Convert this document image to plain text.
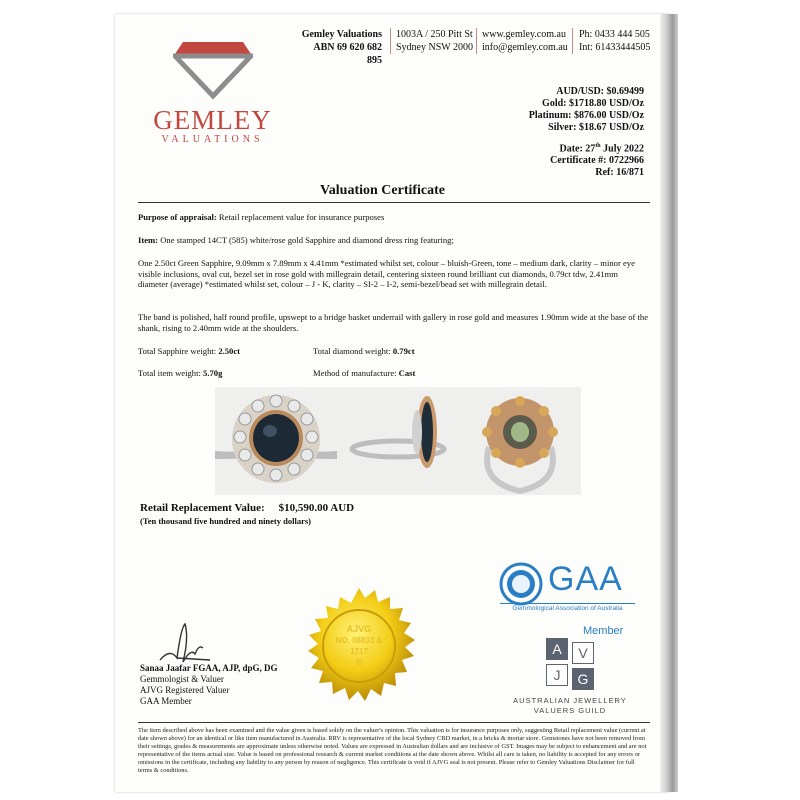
GEMLEY
VALUATIONS
Gemley Valuations
ABN 69 620 682 895
1003A / 250 Pitt St
Sydney NSW 2000
www.gemley.com.au
info@gemley.com.au
Ph: 0433 444 505
Int: 61433444505
AUD/USD: $0.69499
Gold: $1718.80 USD/Oz
Platinum: $876.00 USD/Oz
Silver: $18.67 USD/Oz
Date: 27th July 2022
Certificate #: 0722966
Ref: 16/871
Valuation Certificate
Purpose of appraisal: Retail replacement value for insurance purposes
Item: One stamped 14CT (585) white/rose gold Sapphire and diamond dress ring featuring;
One 2.50ct Green Sapphire, 9.09mm x 7.89mm x 4.41mm *estimated whilst set, colour – bluish-Green, tone – medium dark, clarity – minor eye visible inclusions, oval cut, bezel set in rose gold with millegrain detail, centering sixteen round brilliant cut diamonds, 0.79ct tdw, 2.41mm diameter (average) *estimated whilst set, colour – J - K, clarity – SI-2 – I-2, semi-bezel/bead set with millegrain detail.
The band is polished, half round profile, upswept to a bridge basket underrail with gallery in rose gold and measures 1.90mm wide at the base of the shank, rising to 2.40mm wide at the shoulders.
Total Sapphire weight: 2.50ct	Total diamond weight: 0.79ct
Total item weight: 5.70g	Method of manufacture: Cast
Retail Replacement Value: $10,590.00 AUD
(Ten thousand five hundred and ninety dollars)
Sanaa Jaafar FGAA, AJP, dpG, DG
Gemmologist & Valuer
AJVG Registered Valuer
GAA Member
AJVG
NO. 08833 &
1717
III
GAA
Gemmological Association of Australia
Member
A	V
J	G
AUSTRALIAN JEWELLERY
VALUERS GUILD
The item described above has been examined and the value given is based solely on the valuer's opinion. This valuation is for insurance purposes only, suggesting Retail replacement value (current at date shown above) for an identical or like item manufactured in Australia. RRV is representative of the local Sydney CBD market, in a bricks & mortar store. Gemstones have not been removed from their settings, grades & measurements are approximate unless otherwise noted. Values are expressed in Australian dollars and are inclusive of GST. Images may be subject to enhancement and are not representative of the items actual size. Value is based on professional research & current market conditions at the date shown above. Whilst all care is taken, no liability is accepted for any errors or omissions in the certificate, including any liability to any person by reason of negligence. This certificate is void if AJVG seal is not present. Please refer to Gemley Valuations Disclaimer for full terms & conditions.
